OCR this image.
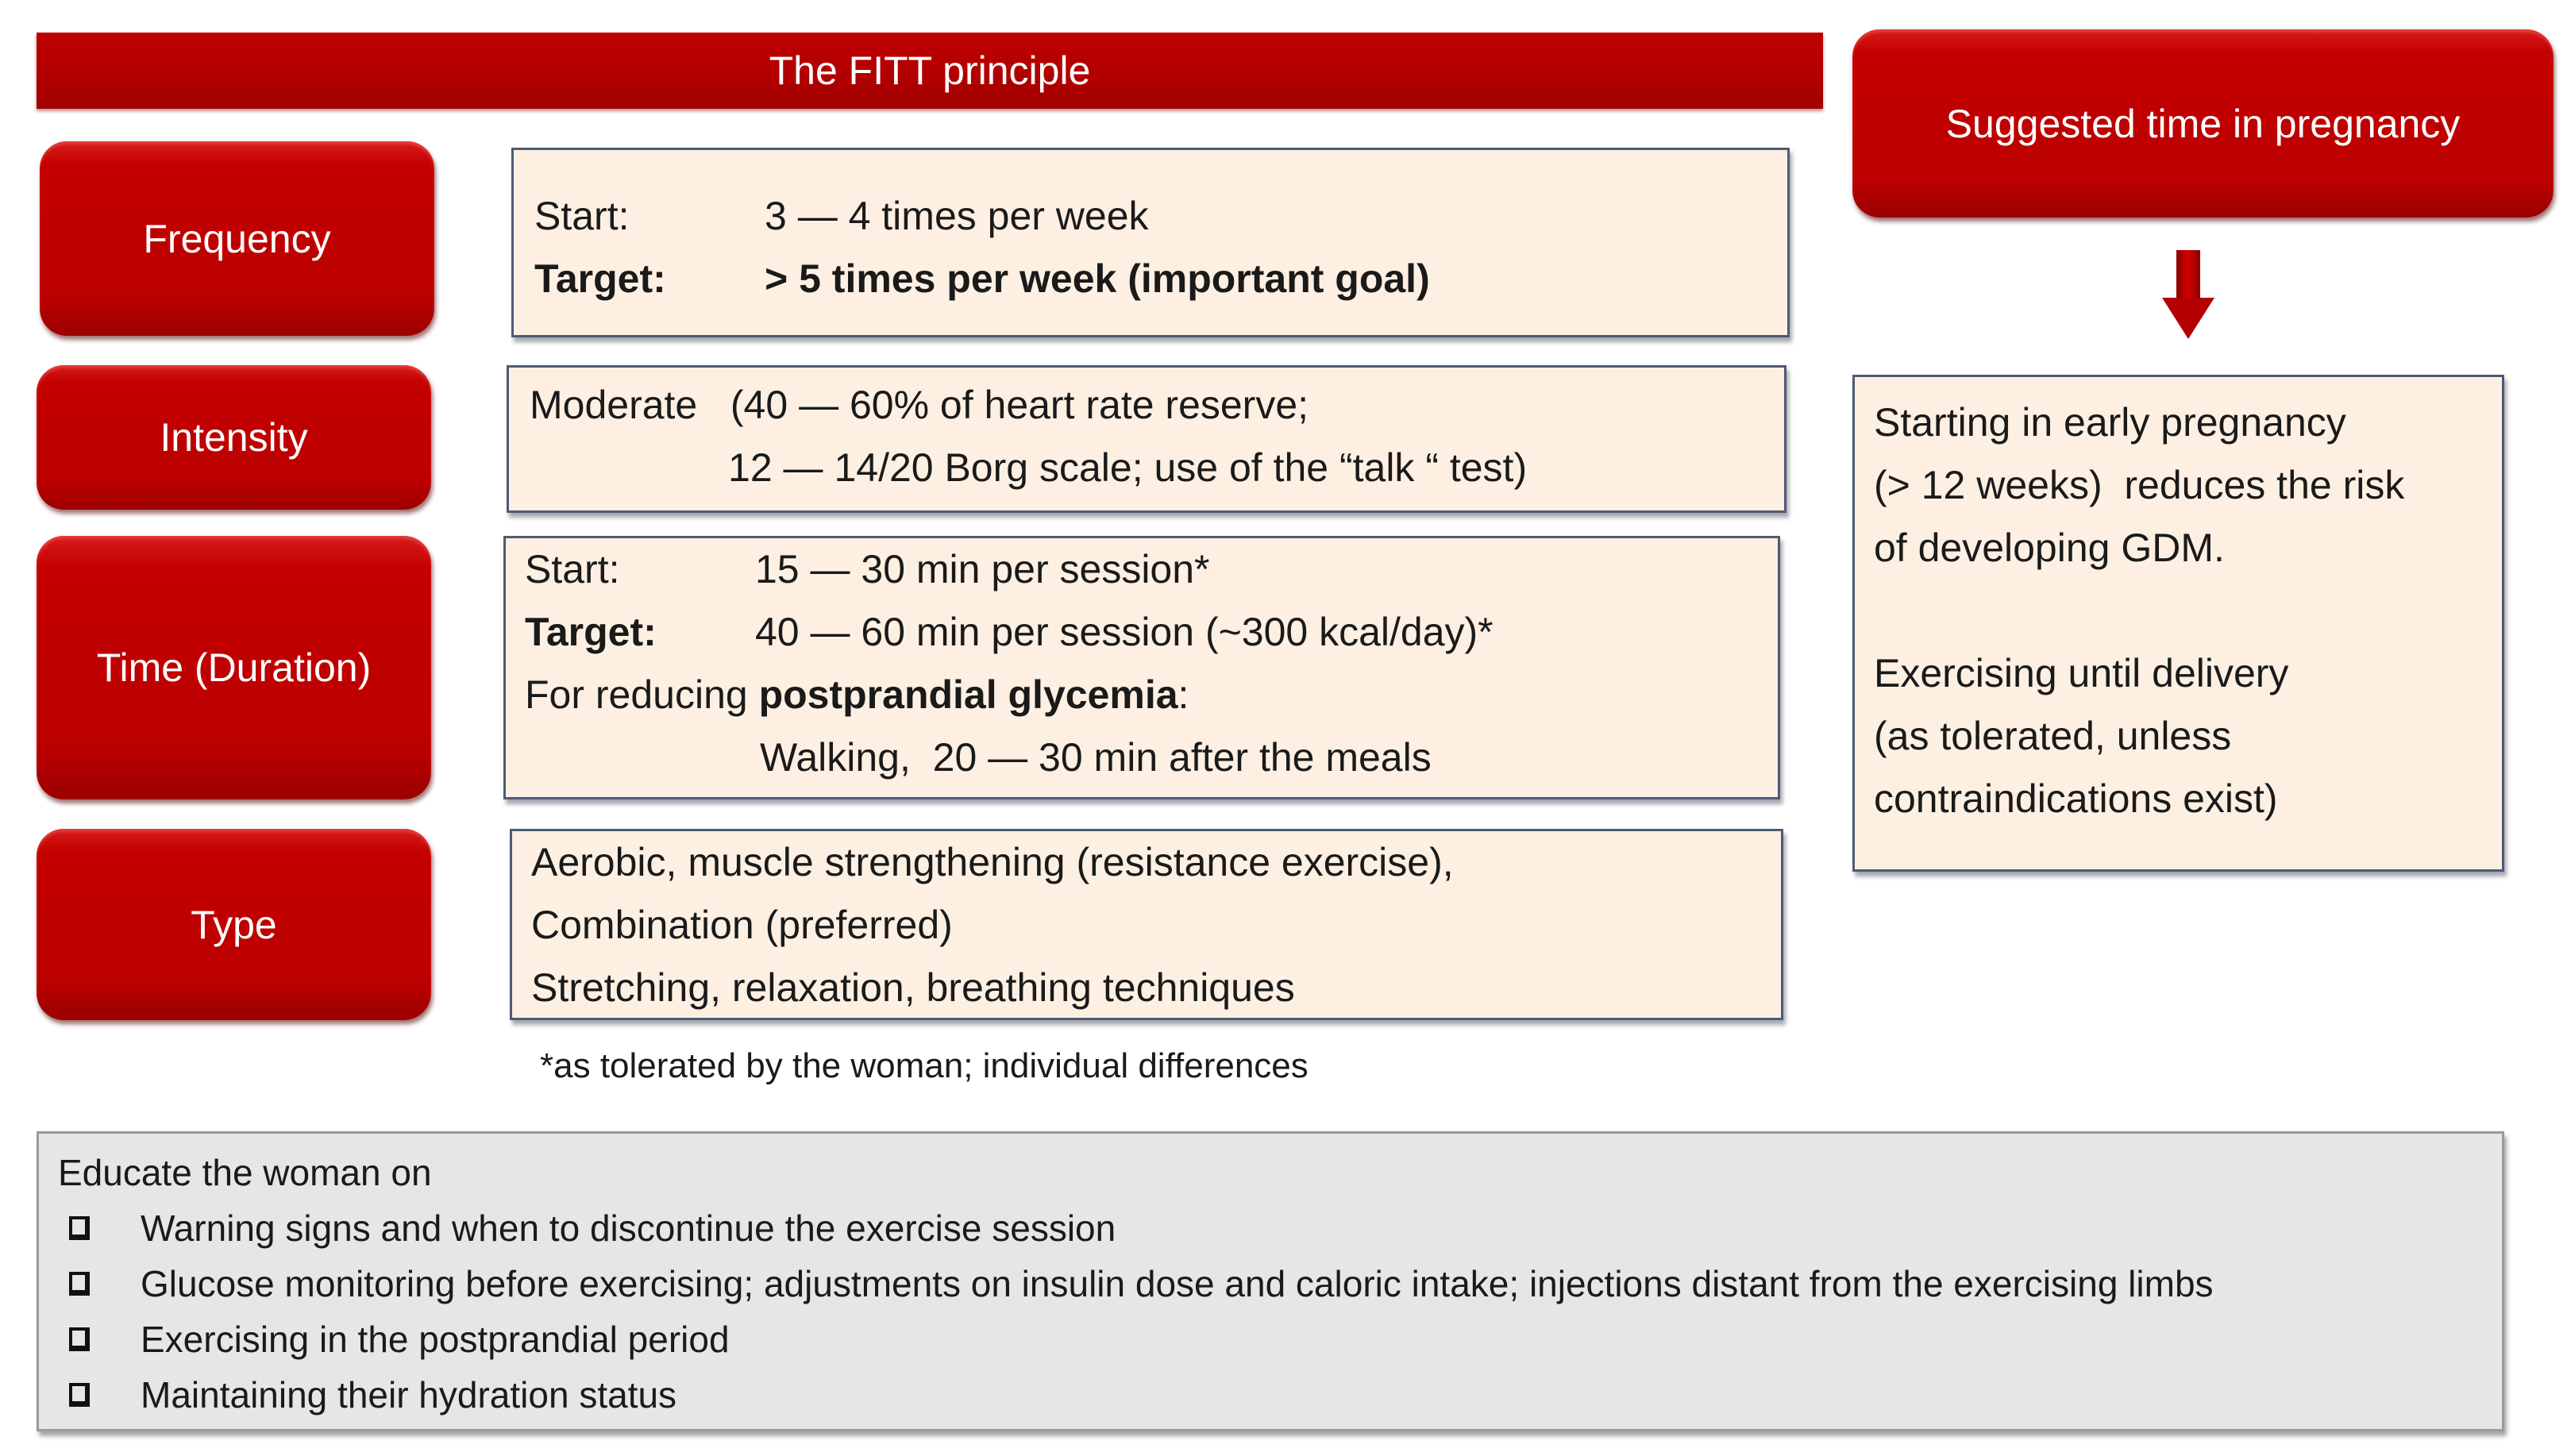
The FITT principle
Frequency
Start:	3 — 4 times per week
Target:	> 5 times per week (important goal)
Intensity
Moderate   (40 — 60% of heart rate reserve;
12 — 14/20 Borg scale; use of the “talk “ test)
Time (Duration)
Start:	15 — 30 min per session*
Target:	40 — 60 min per session (~300 kcal/day)*
For reducing postprandial glycemia :
Walking,  20 — 30 min after the meals
Type
Aerobic, muscle strengthening (resistance exercise),
Combination (preferred)
Stretching, relaxation, breathing techniques
*as tolerated by the woman; individual differences
Suggested time in pregnancy
Starting in early pregnancy
(> 12 weeks)  reduces the risk
of developing GDM.
Exercising until delivery
(as tolerated, unless
contraindications exist)
Educate the woman on
Warning signs and when to discontinue the exercise session
Glucose monitoring before exercising; adjustments on insulin dose and caloric intake; injections distant from the exercising limbs
Exercising in the postprandial period
Maintaining their hydration status
